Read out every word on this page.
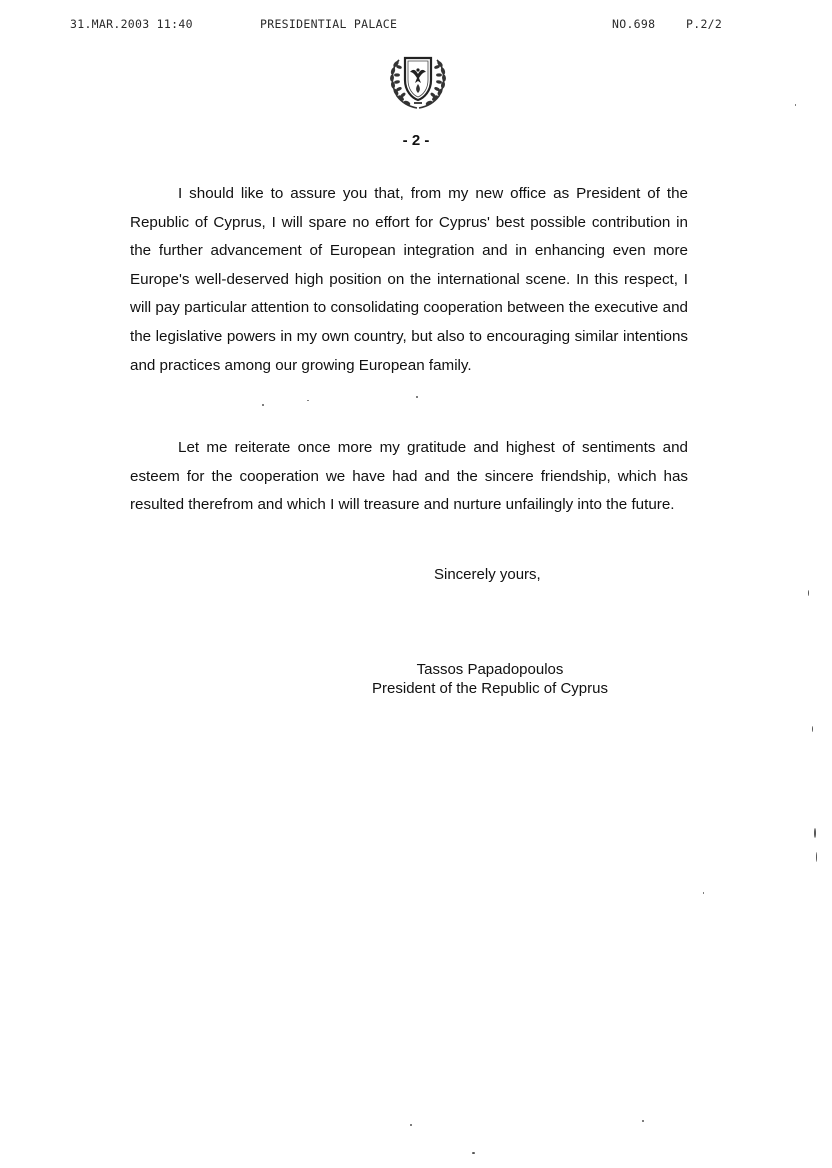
31.MAR.2003 11:40	PRESIDENTIAL PALACE	NO.698	P.2/2
- 2 -

I should like to assure you that, from my new office as President of the Republic of Cyprus, I will spare no effort for Cyprus' best possible contribution in the further advancement of European integration and in enhancing even more Europe's well-deserved high position on the international scene. In this respect, I will pay particular attention to consolidating cooperation between the executive and the legislative powers in my own country, but also to encouraging similar intentions and practices among our growing European family.

Let me reiterate once more my gratitude and highest of sentiments and esteem for the cooperation we have had and the sincere friendship, which has resulted therefrom and which I will treasure and nurture unfailingly into the future.

Sincerely yours,
Tassos Papadopoulos
President of the Republic of Cyprus
